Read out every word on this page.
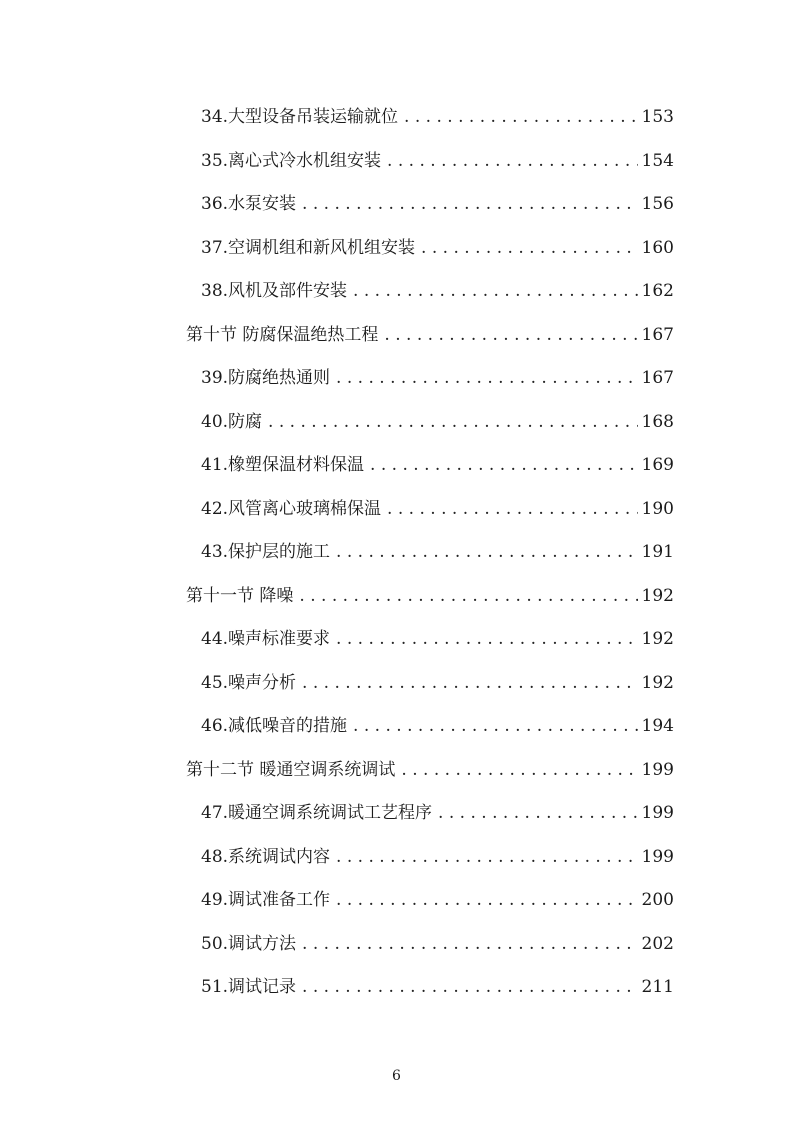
34. 大型设备吊装运输就位 . . .	153
35. 离心式冷水机组安装 . . .	154
36. 水泵安装 . . .	156
37. 空调机组和新风机组安装 . . .	160
38. 风机及部件安装 . . .	162
第十节 防腐保温绝热工程 . . .	167
39. 防腐绝热通则 . . .	167
40. 防腐 . . .	168
41. 橡塑保温材料保温 . . .	169
42. 风管离心玻璃棉保温 . . .	190
43. 保护层的施工 . . .	191
第十一节 降噪 . . .	192
44. 噪声标准要求 . . .	192
45. 噪声分析 . . .	192
46. 减低噪音的措施 . . .	194
第十二节 暖通空调系统调试 . . .	199
47. 暖通空调系统调试工艺程序 . . .	199
48. 系统调试内容 . . .	199
49. 调试准备工作 . . .	200
50. 调试方法 . . .	202
51. 调试记录 . . .	211
6
